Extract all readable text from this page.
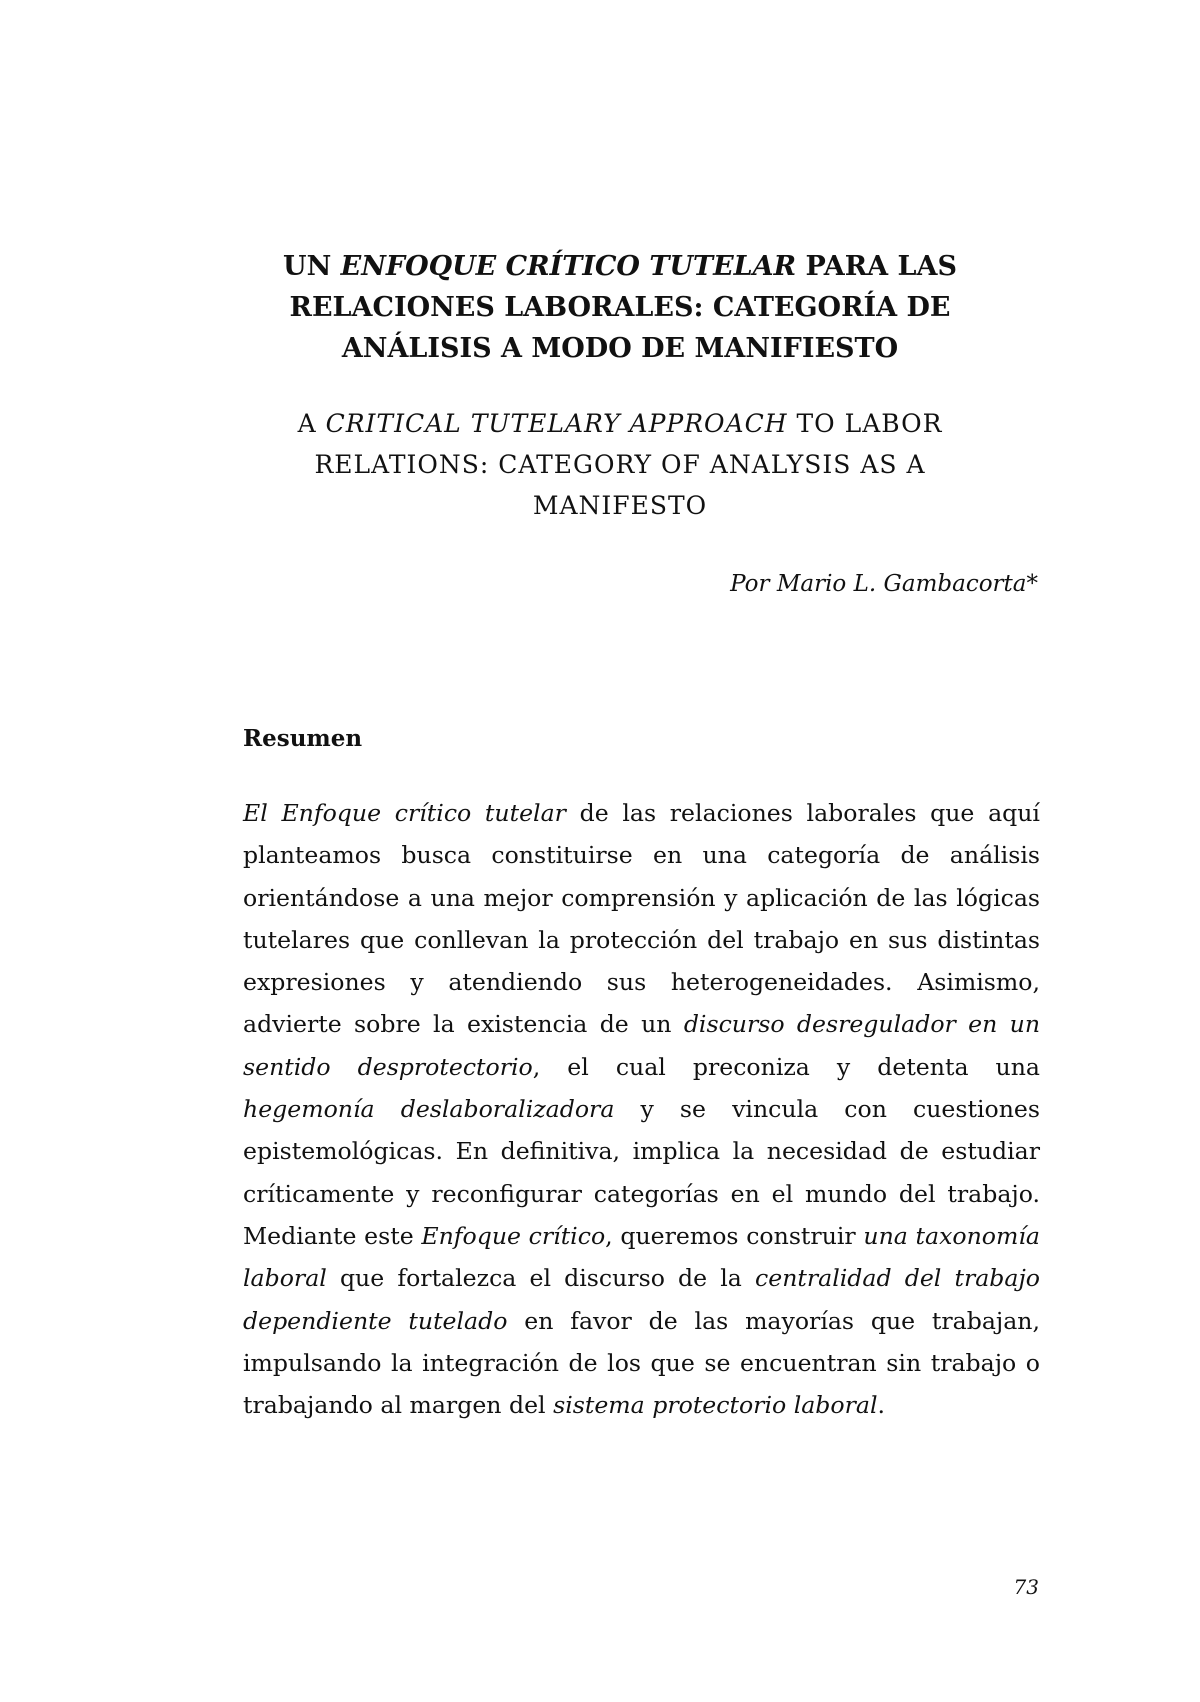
UN ENFOQUE CRÍTICO TUTELAR PARA LAS RELACIONES LABORALES: CATEGORÍA DE ANÁLISIS A MODO DE MANIFIESTO
A CRITICAL TUTELARY APPROACH TO LABOR RELATIONS: CATEGORY OF ANALYSIS AS A MANIFESTO
Por Mario L. Gambacorta*
Resumen

El Enfoque crítico tutelar de las relaciones laborales que aquí planteamos busca constituirse en una categoría de análisis orientándose a una mejor comprensión y aplicación de las lógicas tutelares que conllevan la protección del trabajo en sus distintas expresiones y atendiendo sus heterogeneidades. Asimismo, advierte sobre la existencia de un discurso desregulador en un sentido desprotectorio, el cual preconiza y detenta una hegemonía deslaboralizadora y se vincula con cuestiones epistemológicas. En definitiva, implica la necesidad de estudiar críticamente y reconfigurar categorías en el mundo del trabajo. Mediante este Enfoque crítico, queremos construir una taxonomía laboral que fortalezca el discurso de la centralidad del trabajo dependiente tutelado en favor de las mayorías que trabajan, impulsando la integración de los que se encuentran sin trabajo o trabajando al margen del sistema protectorio laboral.

73
